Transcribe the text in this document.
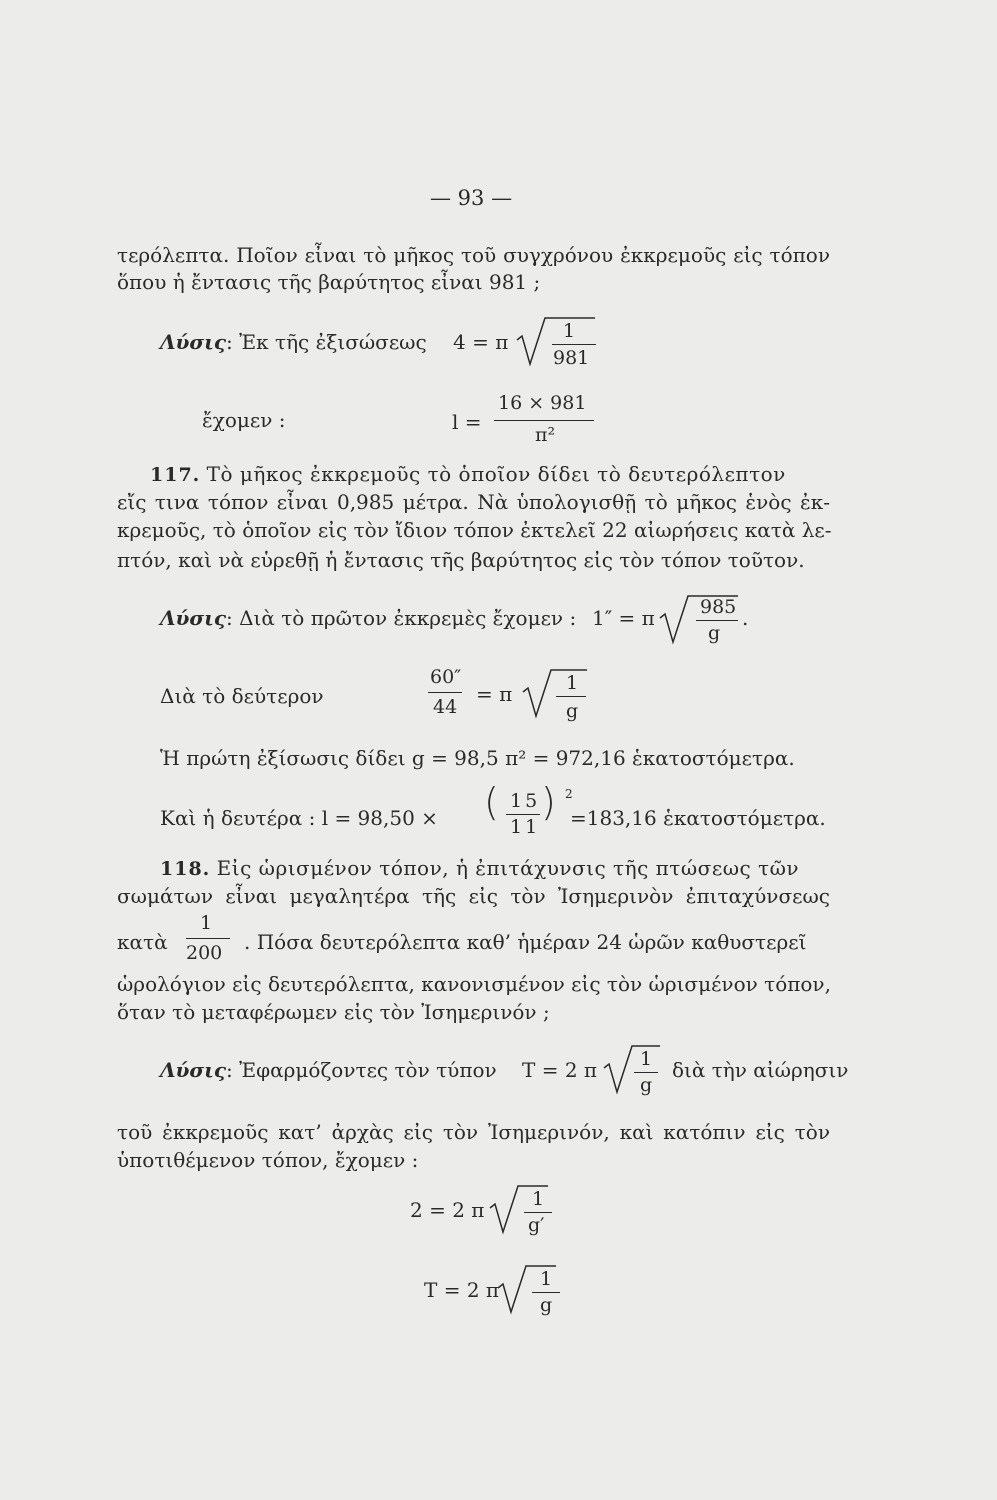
— 93 —
τερόλεπτα. Ποῖον εἶναι τὸ μῆκος τοῦ συγχρόνου ἐκκρεμοῦς εἰς τόπον
ὅπου ἡ ἔντασις τῆς βαρύτητος εἶναι 981 ;
Λύσις: Ἐκ τῆς ἐξισώσεως 4 = π	1
981
ἔχομεν :	l =
16 × 981
π²
117. Τὸ μῆκος ἐκκρεμοῦς τὸ ὁποῖον δίδει τὸ δευτερόλεπτον
εἴς τινα τόπον εἶναι 0,985 μέτρα. Νὰ ὑπολογισθῇ τὸ μῆκος ἑνὸς ἐκ-
κρεμοῦς, τὸ ὁποῖον εἰς τὸν ἴδιον τόπον ἐκτελεῖ 22 αἰωρήσεις κατὰ λε-
πτόν, καὶ νὰ εὑρεθῇ ἡ ἔντασις τῆς βαρύτητος εἰς τὸν τόπον τοῦτον.
Λύσις: Διὰ τὸ πρῶτον ἐκκρεμὲς ἔχομεν : 1″ = π 985
g
.
Διὰ τὸ δεύτερον
60″
44
= π	1
g
Ἡ πρώτη ἐξίσωσις δίδει g = 98,5 π² = 972,16 ἑκατοστόμετρα.
Καὶ ἡ δευτέρα : l = 98,50 × ( 15
11
) 2
=183,16 ἑκατοστόμετρα.
118. Εἰς ὡρισμένον τόπον, ἡ ἐπιτάχυνσις τῆς πτώσεως τῶν
σωμάτων εἶναι μεγαλητέρα τῆς εἰς τὸν Ἰσημερινὸν ἐπιταχύνσεως
κατὰ
1
200 . Πόσα δευτερόλεπτα καθ’ ἡμέραν 24 ὡρῶν καθυστερεῖ
ὡρολόγιον εἰς δευτερόλεπτα, κανονισμένον εἰς τὸν ὡρισμένον τόπον,
ὅταν τὸ μεταφέρωμεν εἰς τὸν Ἰσημερινόν ;
Λύσις: Ἐφαρμόζοντες τὸν τύπον T = 2 π 1
g
διὰ τὴν αἰώρησιν
τοῦ ἐκκρεμοῦς κατ’ ἀρχὰς εἰς τὸν Ἰσημερινόν, καὶ κατόπιν εἰς τὸν
ὑποτιθέμενον τόπον, ἔχομεν :
2 = 2 π	1
g′
T = 2 π 1
g
